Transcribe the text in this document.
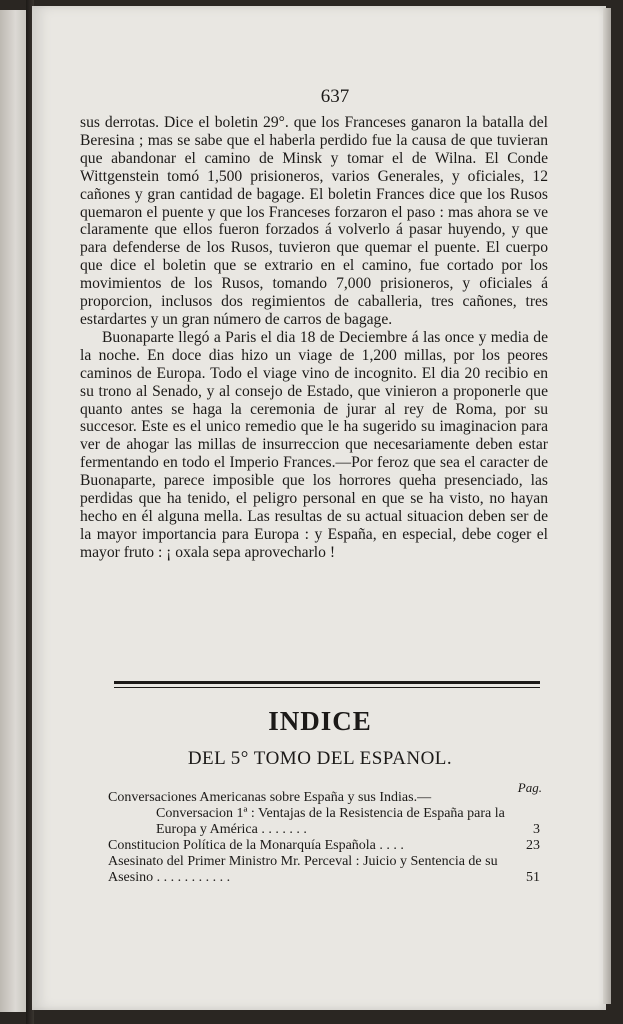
637

sus derrotas. Dice el boletin 29°. que los Franceses ganaron la batalla del Beresina ; mas se sabe que el haberla perdido fue la causa de que tuvieran que abandonar el camino de Minsk y tomar el de Wilna. El Conde Wittgenstein tomó 1,500 prisioneros, varios Generales, y oficiales, 12 cañones y gran cantidad de bagage. El boletin Frances dice que los Rusos quemaron el puente y que los Franceses forzaron el paso : mas ahora se ve claramente que ellos fueron forzados á volverlo á pasar huyendo, y que para defenderse de los Rusos, tuvieron que quemar el puente. El cuerpo que dice el boletin que se extrario en el camino, fue cortado por los movimientos de los Rusos, tomando 7,000 prisioneros, y oficiales á proporcion, inclusos dos regimientos de caballeria, tres cañones, tres estardartes y un gran número de carros de bagage.

Buonaparte llegó a Paris el dia 18 de Deciembre á las once y media de la noche. En doce dias hizo un viage de 1,200 millas, por los peores caminos de Europa. Todo el viage vino de incognito. El dia 20 recibio en su trono al Senado, y al consejo de Estado, que vinieron a proponerle que quanto antes se haga la ceremonia de jurar al rey de Roma, por su succesor. Este es el unico remedio que le ha sugerido su imaginacion para ver de ahogar las millas de insurreccion que necesariamente deben estar fermentando en todo el Imperio Frances.—Por feroz que sea el caracter de Buonaparte, parece imposible que los horrores queha presenciado, las perdidas que ha tenido, el peligro personal en que se ha visto, no hayan hecho en él alguna mella. Las resultas de su actual situacion deben ser de la mayor importancia para Europa : y España, en especial, debe coger el mayor fruto : ¡ oxala sepa aprovecharlo !

INDICE
DEL 5° TOMO DEL ESPANOL.
Pag.
Conversaciones Americanas sobre España y sus Indias.—
Conversacion 1ª : Ventajas de la Resistencia de España para la Europa y América . . . . . . .	3
Constitucion Política de la Monarquía Española . . . .	23
Asesinato del Primer Ministro Mr. Perceval : Juicio y Sentencia de su Asesino . . . . . . . . . . .	51
